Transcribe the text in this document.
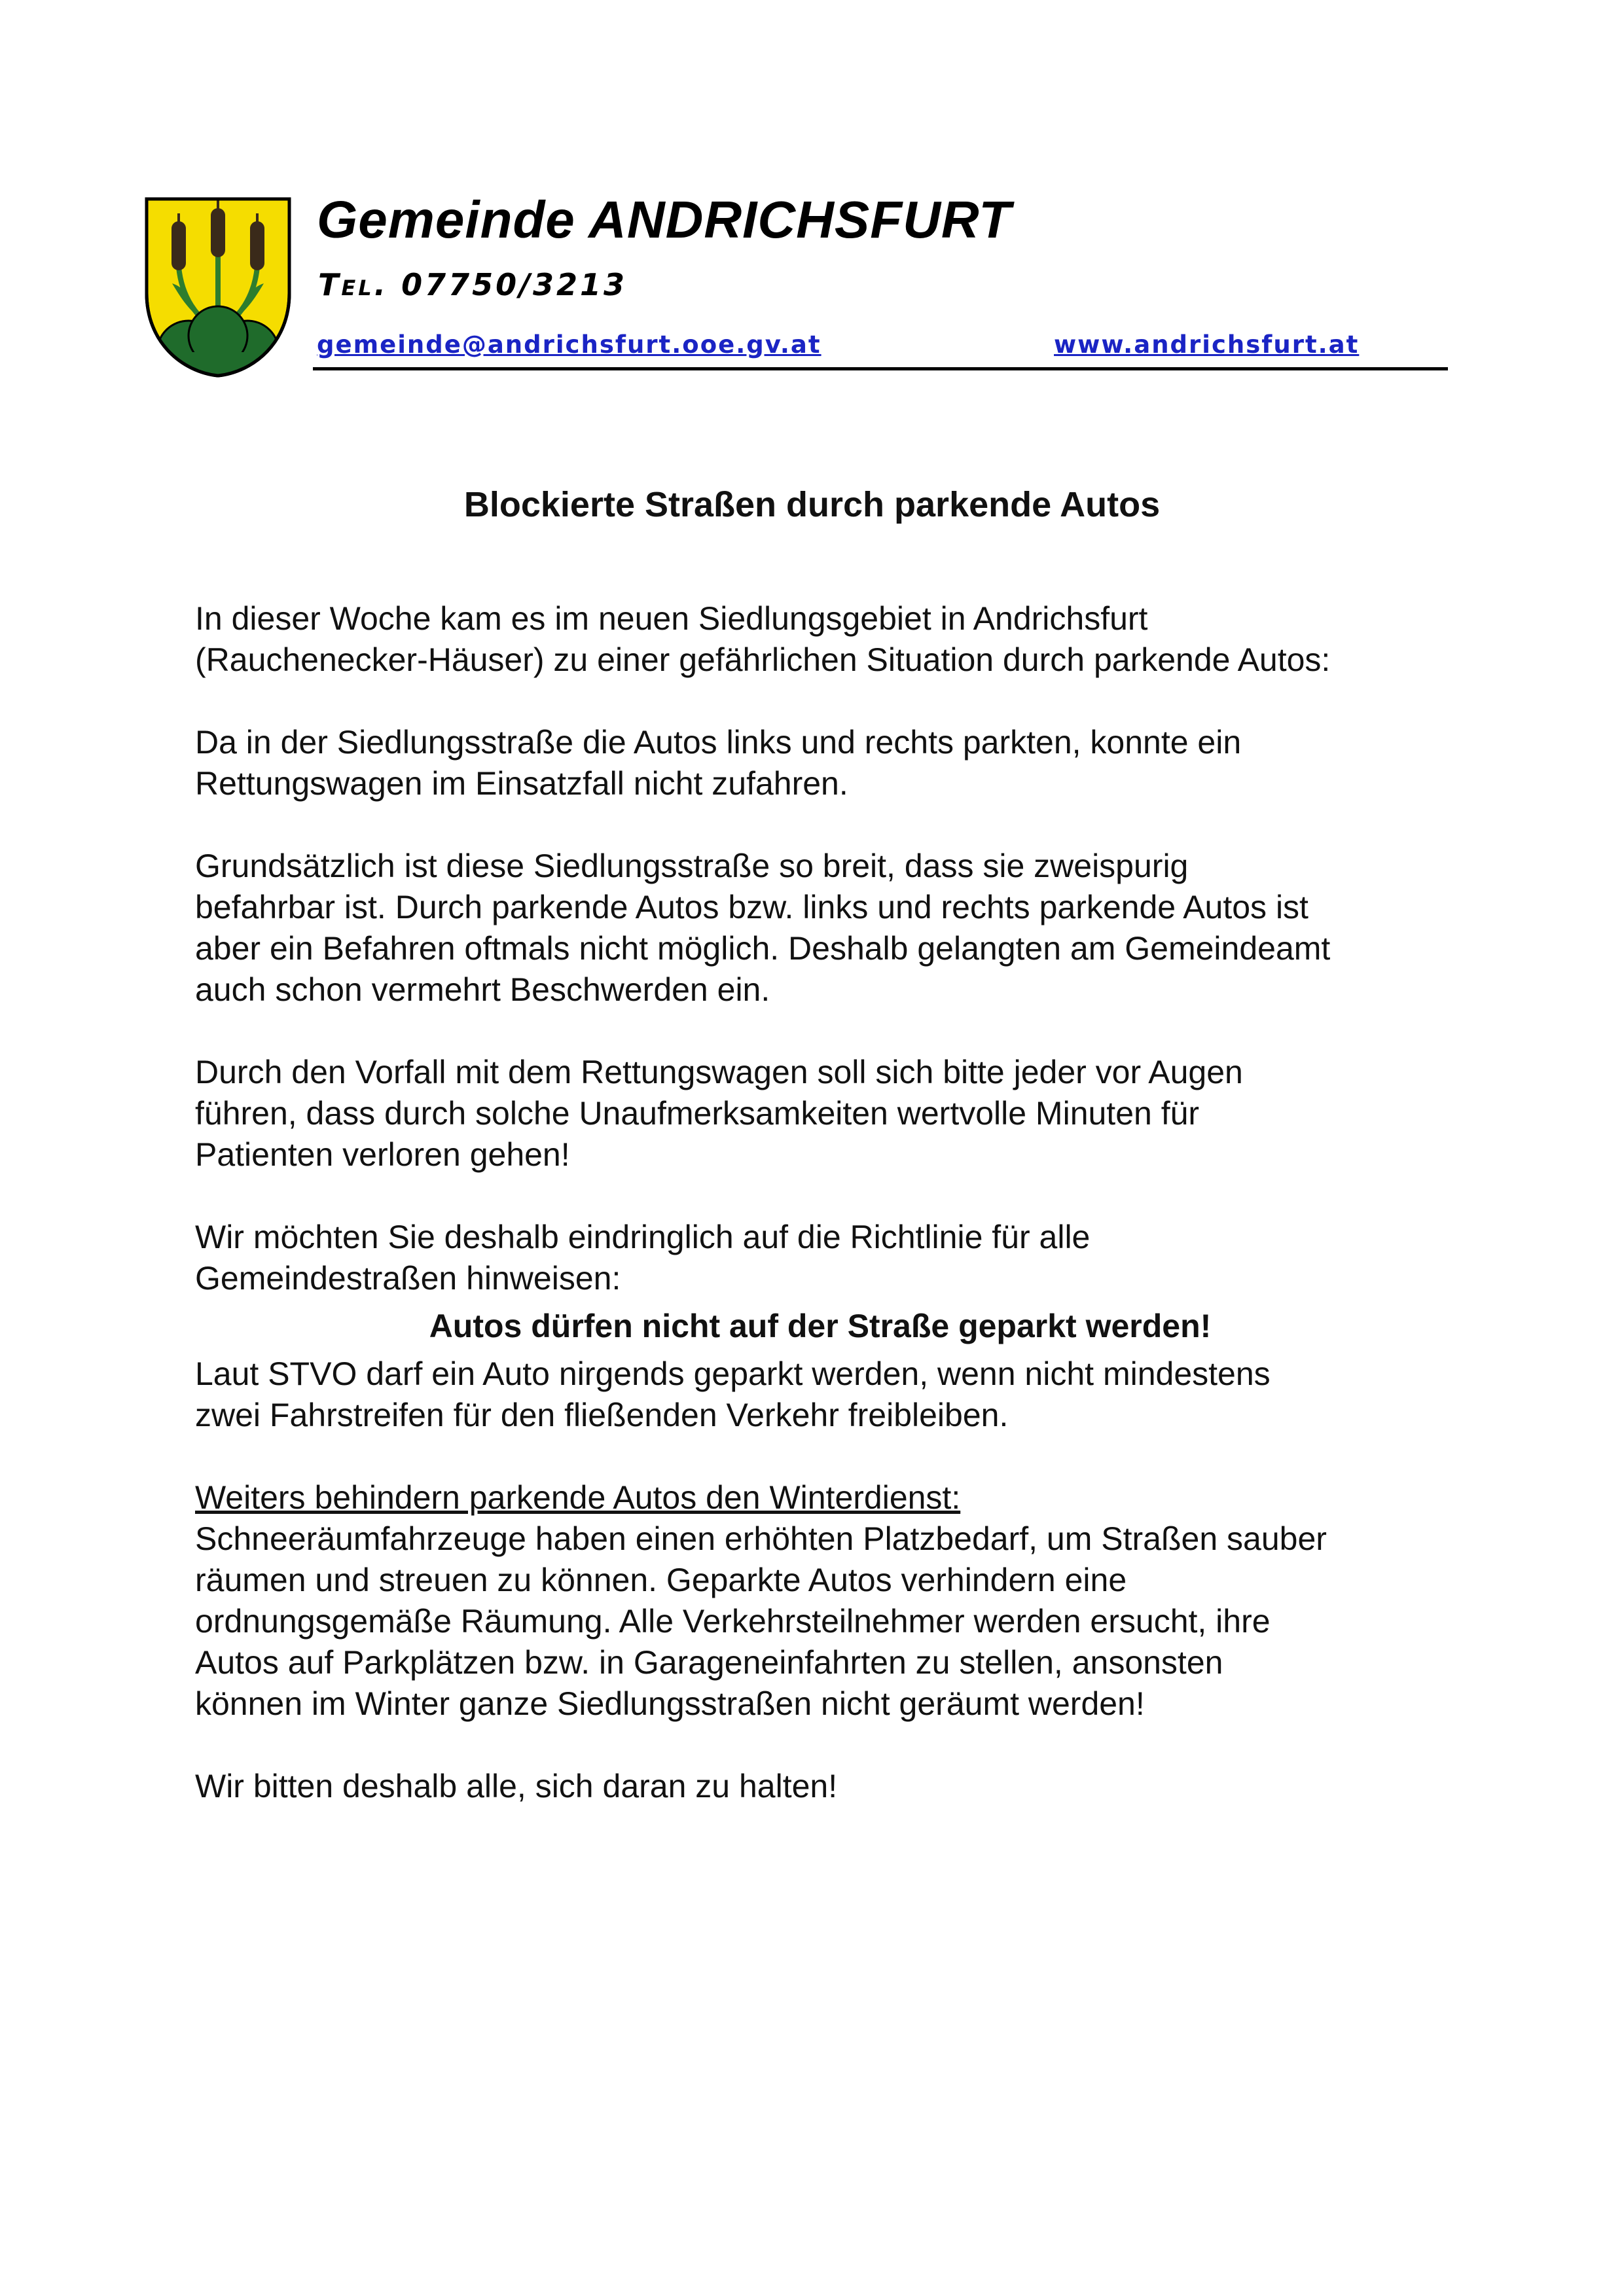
Gemeinde ANDRICHSFURT
Tel. 07750/3213
gemeinde@andrichsfurt.ooe.gv.at	www.andrichsfurt.at
Blockierte Straßen durch parkende Autos

In dieser Woche kam es im neuen Siedlungsgebiet in Andrichsfurt
(Rauchenecker-Häuser) zu einer gefährlichen Situation durch parkende Autos:

Da in der Siedlungsstraße die Autos links und rechts parkten, konnte ein
Rettungswagen im Einsatzfall nicht zufahren.

Grundsätzlich ist diese Siedlungsstraße so breit, dass sie zweispurig
befahrbar ist. Durch parkende Autos bzw. links und rechts parkende Autos ist
aber ein Befahren oftmals nicht möglich. Deshalb gelangten am Gemeindeamt
auch schon vermehrt Beschwerden ein.

Durch den Vorfall mit dem Rettungswagen soll sich bitte jeder vor Augen
führen, dass durch solche Unaufmerksamkeiten wertvolle Minuten für
Patienten verloren gehen!

Wir möchten Sie deshalb eindringlich auf die Richtlinie für alle
Gemeindestraßen hinweisen:

Autos dürfen nicht auf der Straße geparkt werden!

Laut STVO darf ein Auto nirgends geparkt werden, wenn nicht mindestens
zwei Fahrstreifen für den fließenden Verkehr freibleiben.

Weiters behindern parkende Autos den Winterdienst:
Schneeräumfahrzeuge haben einen erhöhten Platzbedarf, um Straßen sauber
räumen und streuen zu können. Geparkte Autos verhindern eine
ordnungsgemäße Räumung. Alle Verkehrsteilnehmer werden ersucht, ihre
Autos auf Parkplätzen bzw. in Garageneinfahrten zu stellen, ansonsten
können im Winter ganze Siedlungsstraßen nicht geräumt werden!

Wir bitten deshalb alle, sich daran zu halten!
